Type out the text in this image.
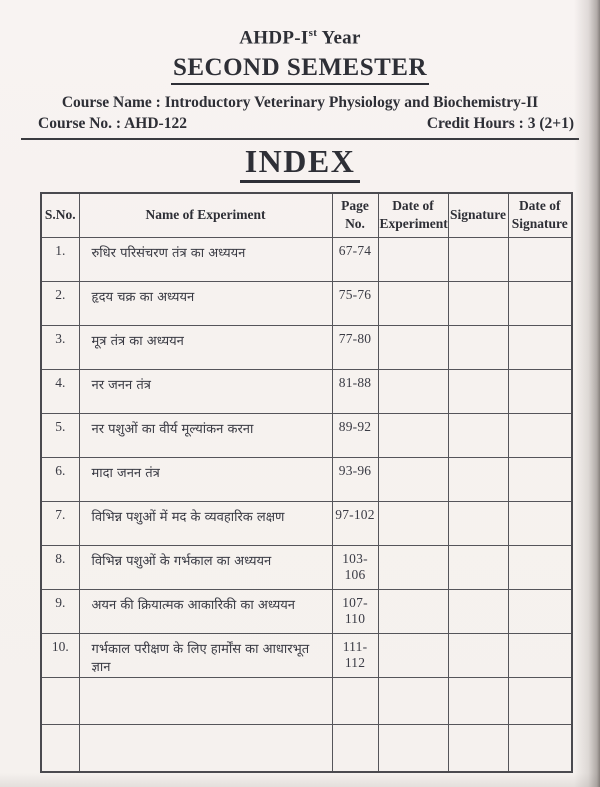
AHDP-Ist Year
SECOND SEMESTER
Course Name : Introductory Veterinary Physiology and Biochemistry-II
Course No. : AHD-122	Credit Hours : 3 (2+1)
INDEX
S.No.	Name of Experiment	Page No.	Date of Experiment	Signature	Date of Signature
1.	रुधिर परिसंचरण तंत्र का अध्ययन	67-74			
2.	हृदय चक्र का अध्ययन	75-76			
3.	मूत्र तंत्र का अध्ययन	77-80			
4.	नर जनन तंत्र	81-88			
5.	नर पशुओं का वीर्य मूल्यांकन करना	89-92			
6.	मादा जनन तंत्र	93-96			
7.	विभिन्न पशुओं में मद के व्यवहारिक लक्षण	97-102			
8.	विभिन्न पशुओं के गर्भकाल का अध्ययन	103-106			
9.	अयन की क्रियात्मक आकारिकी का अध्ययन	107-110			
10.	गर्भकाल परीक्षण के लिए हार्मोंस का आधारभूत ज्ञान	111-112			
